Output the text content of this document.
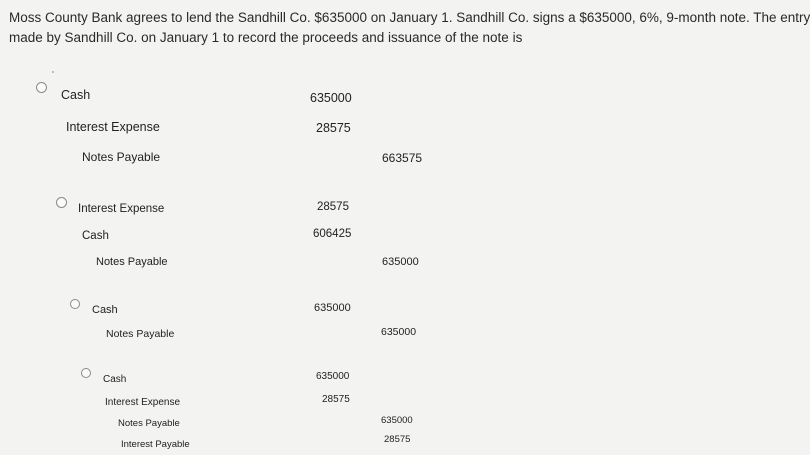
Moss County Bank agrees to lend the Sandhill Co. $635000 on January 1. Sandhill Co. signs a $635000, 6%, 9-month note. The entry
made by Sandhill Co. on January 1 to record the proceeds and issuance of the note is
Cash	635000
Interest Expense	28575
Notes Payable	663575
Interest Expense	28575
Cash	606425
Notes Payable	635000
Cash	635000
Notes Payable	635000
Cash	635000
Interest Expense	28575
Notes Payable	635000
Interest Payable	28575
